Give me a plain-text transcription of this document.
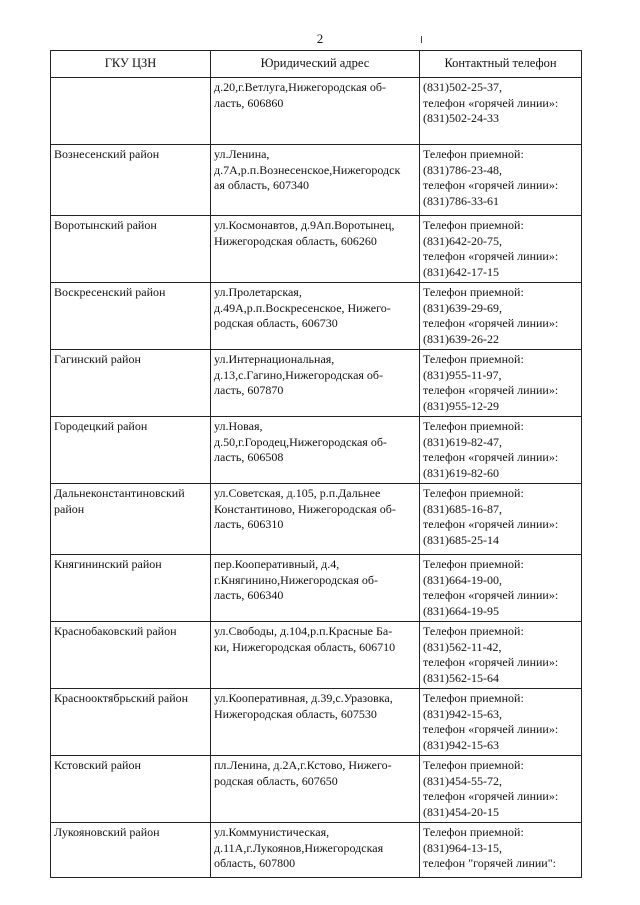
2
ГКУ ЦЗН	Юридический адрес	Контактный телефон

	д.20,г.Ветлуга,Нижегородская об-
ласть, 606860	(831)502-25-37,
телефон «горячей линии»:
(831)502-24-33

Вознесенский район	ул.Ленина,
д.7А,р.п.Вознесенское,Нижегородск
ая область, 607340	Телефон приемной:
(831)786-23-48,
телефон «горячей линии»:
(831)786-33-61

Воротынский район	ул.Космонавтов, д.9Ап.Воротынец,
Нижегородская область, 606260	Телефон приемной:
(831)642-20-75,
телефон «горячей линии»:
(831)642-17-15

Воскресенский район	ул.Пролетарская,
д.49А,р.п.Воскресенское, Нижего-
родская область, 606730	Телефон приемной:
(831)639-29-69,
телефон «горячей линии»:
(831)639-26-22

Гагинский район	ул.Интернациональная,
д.13,с.Гагино,Нижегородская об-
ласть, 607870	Телефон приемной:
(831)955-11-97,
телефон «горячей линии»:
(831)955-12-29

Городецкий район	ул.Новая,
д.50,г.Городец,Нижегородская об-
ласть, 606508	Телефон приемной:
(831)619-82-47,
телефон «горячей линии»:
(831)619-82-60

Дальнеконстантиновский
район	ул.Советская, д.105, р.п.Дальнее
Константиново, Нижегородская об-
ласть, 606310	Телефон приемной:
(831)685-16-87,
телефон «горячей линии»:
(831)685-25-14

Княгининский район	пер.Кооперативный, д.4,
г.Княгинино,Нижегородская об-
ласть, 606340	Телефон приемной:
(831)664-19-00,
телефон «горячей линии»:
(831)664-19-95

Краснобаковский район	ул.Свободы, д.104,р.п.Красные Ба-
ки, Нижегородская область, 606710	Телефон приемной:
(831)562-11-42,
телефон «горячей линии»:
(831)562-15-64

Краснооктябрьский район	ул.Кооперативная, д.39,с.Уразовка,
Нижегородская область, 607530	Телефон приемной:
(831)942-15-63,
телефон «горячей линии»:
(831)942-15-63

Кстовский район	пл.Ленина, д.2А,г.Кстово, Нижего-
родская область, 607650	Телефон приемной:
(831)454-55-72,
телефон «горячей линии»:
(831)454-20-15

Лукояновский район	ул.Коммунистическая,
д.11А,г.Лукоянов,Нижегородская
область, 607800	Телефон приемной:
(831)964-13-15,
телефон "горячей линии":
